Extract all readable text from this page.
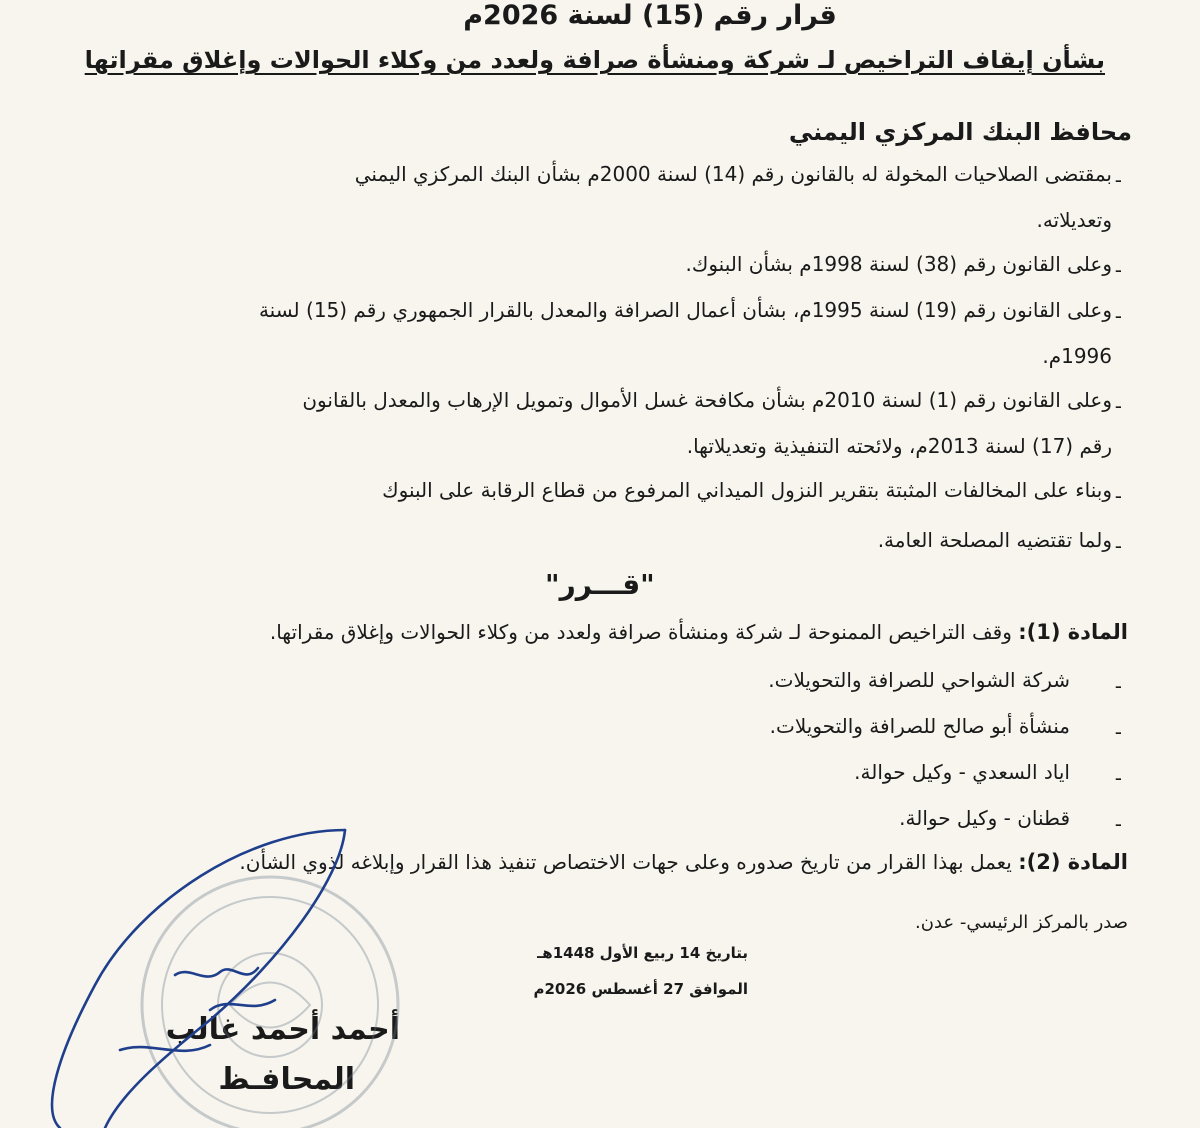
قرار رقم (15) لسنة 2026م
بشأن إيقاف التراخيص لـ شركة ومنشأة صرافة ولعدد من وكلاء الحوالات وإغلاق مقراتها
محافظ البنك المركزي اليمني
-
بمقتضى الصلاحيات المخولة له بالقانون رقم (14) لسنة 2000م بشأن البنك المركزي اليمني
وتعديلاته.
-
وعلى القانون رقم (38) لسنة 1998م بشأن البنوك.
-
وعلى القانون رقم (19) لسنة 1995م، بشأن أعمال الصرافة والمعدل بالقرار الجمهوري رقم (15) لسنة
1996م.
-
وعلى القانون رقم (1) لسنة 2010م بشأن مكافحة غسل الأموال وتمويل الإرهاب والمعدل بالقانون
رقم (17) لسنة 2013م، ولائحته التنفيذية وتعديلاتها.
-
وبناء على المخالفات المثبتة بتقرير النزول الميداني المرفوع من قطاع الرقابة على البنوك
-
ولما تقتضيه المصلحة العامة.
"قـــرر"
المادة (1): وقف التراخيص الممنوحة لـ شركة ومنشأة صرافة ولعدد من وكلاء الحوالات وإغلاق مقراتها.
-
شركة الشواحي للصرافة والتحويلات.
-
منشأة أبو صالح للصرافة والتحويلات.
-
اياد السعدي - وكيل حوالة.
-
قطنان - وكيل حوالة.
المادة (2): يعمل بهذا القرار من تاريخ صدوره وعلى جهات الاختصاص تنفيذ هذا القرار وإبلاغه لذوي الشأن.
صدر بالمركز الرئيسي- عدن.
بتاريخ 14 ربيع الأول 1448هـ
الموافق 27 أغسطس 2026م
أحمد أحمد غالب
المحافـظ
